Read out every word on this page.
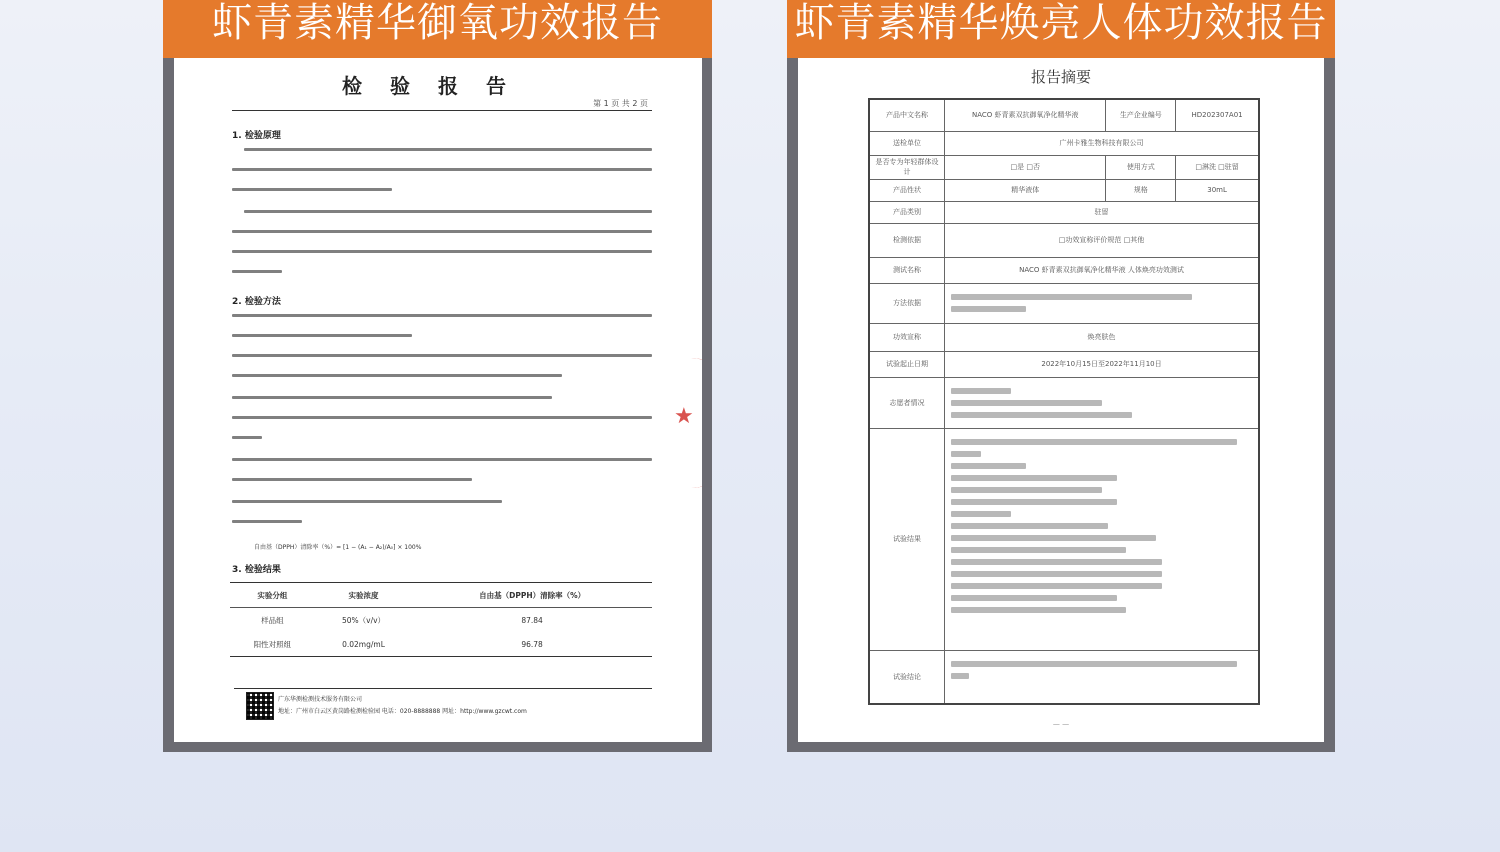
虾青素精华御氧功效报告
检验报告
第 1 页 共 2 页
1. 检验原理
2. 检验方法
自由基（DPPH）清除率（%）= [1 − (A₁ − A₂)/A₀] × 100%
3. 检验结果
实验分组	实验浓度	自由基（DPPH）清除率（%）
样品组	50%（v/v）	87.84
阳性对照组	0.02mg/mL	96.78
广东华测检测技术服务有限公司
地址：广州市白云区黄岗路检测检验园 电话：020-8888888 网址：http://www.gzcwt.com
★
虾青素精华焕亮人体功效报告
报告摘要
产品中文名称	NACO 虾青素双抗御氧净化精华液	生产企业编号	HD202307A01
送检单位	广州卡雅生物科技有限公司		
是否专为年轻群体设计	□是 □否	使用方式	□淋洗 □驻留
产品性状	精华液体	规格	30mL
产品类别	驻留		
检测依据	□功效宣称评价规范 □其他		
测试名称	NACO 虾青素双抗御氧净化精华液 人体焕亮功效测试		
方法依据			

功效宣称	焕亮肤色		
试验起止日期	2022年10月15日至2022年11月10日		
志愿者情况			

试验结果			

试验结论			
— —
